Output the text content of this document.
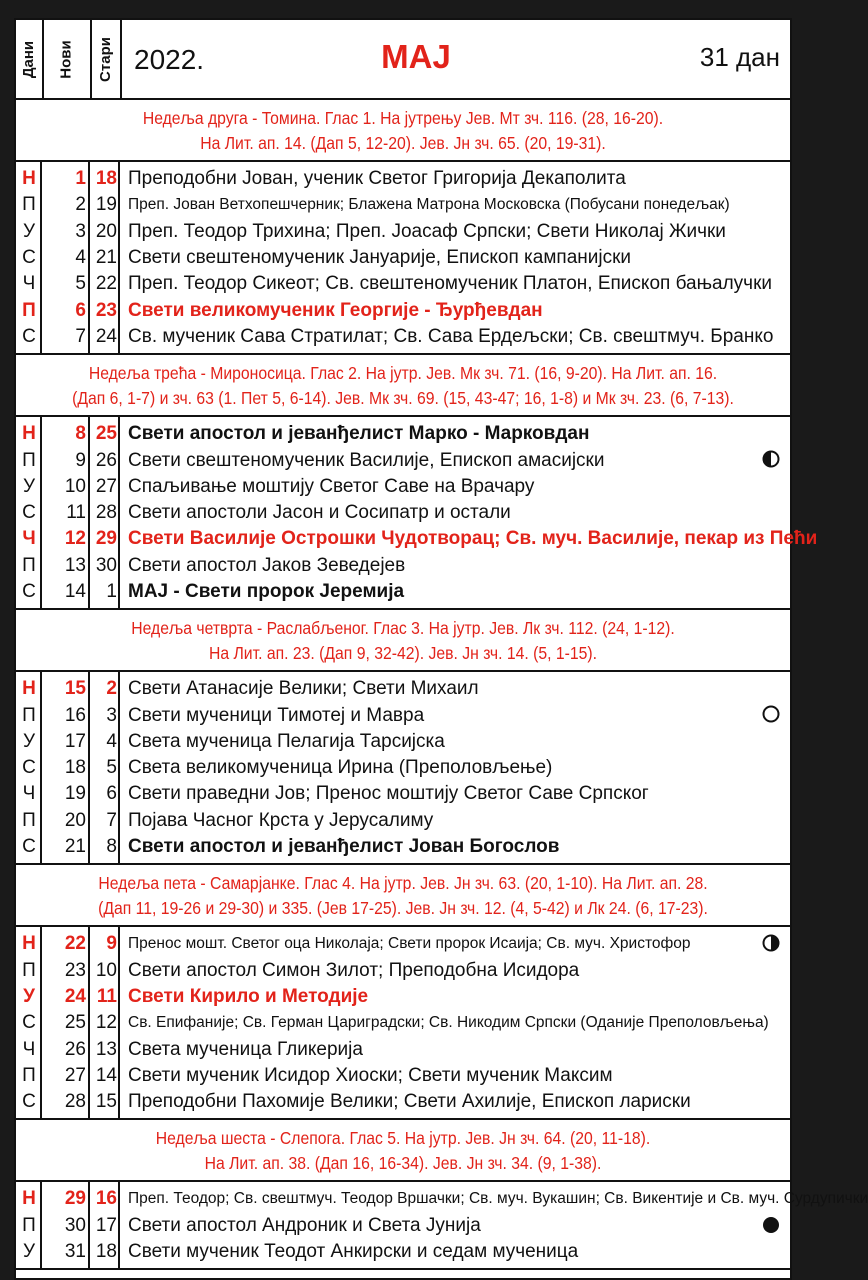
Дани Нови Стари 2022.	МАЈ	31 дан
Недеља друга - Томина. Глас 1. На јутрењу Јев. Мт зч. 116. (28, 16-20).
На Лит. ап. 14. (Дап 5, 12-20). Јев. Јн зч. 65. (20, 19-31).
Н	1 18 Преподобни Јован, ученик Светог Григорија Декаполита
П	2 19 Преп. Јован Ветхопешчерник; Блажена Матрона Московска (Побусани понедељак)
У	3 20 Преп. Теодор Трихина; Преп. Јоасаф Српски; Свети Николај Жички
С	4 21 Свети свештеномученик Јануарије, Епископ кампанијски
Ч	5 22 Преп. Теодор Сикеот; Св. свештеномученик Платон, Епископ бањалучки
П	6 23 Свети великомученик Георгије - Ђурђевдан
С	7 24 Св. мученик Сава Стратилат; Св. Сава Ердељски; Св. свештмуч. Бранко
Недеља трећа - Мироносица. Глас 2. На јутр. Јев. Мк зч. 71. (16, 9-20). На Лит. ап. 16.
(Дап 6, 1-7) и зч. 63 (1. Пет 5, 6-14). Јев. Мк зч. 69. (15, 43-47; 16, 1-8) и Мк зч. 23. (6, 7-13).
Н	8 25 Свети апостол и јеванђелист Марко - Марковдан
П	9 26 Свети свештеномученик Василије, Епископ амасијски
У	10 27 Спаљивање моштију Светог Саве на Врачару
С	11 28 Свети апостоли Јасон и Сосипатр и остали
Ч	12 29 Свети Василије Острошки Чудотворац; Св. муч. Василије, пекар из Пећи
П	13 30 Свети апостол Јаков Зеведејев
С	14	1 МАЈ - Свети пророк Јеремија
Недеља четврта - Раслабљеног. Глас 3. На јутр. Јев. Лк зч. 112. (24, 1-12).
На Лит. ап. 23. (Дап 9, 32-42). Јев. Јн зч. 14. (5, 1-15).
Н	15	2 Свети Атанасије Велики; Свети Михаил
П	16	3 Свети мученици Тимотеј и Мавра
У	17	4 Света мученица Пелагија Тарсијска
С	18	5 Света великомученица Ирина (Преполовљење)
Ч	19	6 Свети праведни Јов; Пренос моштију Светог Саве Српског
П	20	7 Појава Часног Крста у Јерусалиму
С	21	8 Свети апостол и јеванђелист Јован Богослов
Недеља пета - Самарјанке. Глас 4. На јутр. Јев. Јн зч. 63. (20, 1-10). На Лит. ап. 28.
(Дап 11, 19-26 и 29-30) и 335. (Јев 17-25). Јев. Јн зч. 12. (4, 5-42) и Лк 24. (6, 17-23).
Н	22	9 Пренос мошт. Светог оца Николаја; Свети пророк Исаија; Св. муч. Христофор
П	23 10 Свети апостол Симон Зилот; Преподобна Исидора
У	24 11 Свети Кирило и Методије
С	25 12 Св. Епифаније; Св. Герман Цариградски; Св. Никодим Српски (Оданије Преполовљења)
Ч	26 13 Света мученица Гликерија
П	27 14 Свети мученик Исидор Хиоски; Свети мученик Максим
С	28 15 Преподобни Пахомије Велики; Свети Ахилије, Епископ лариски
Недеља шеста - Слепога. Глас 5. На јутр. Јев. Јн зч. 64. (20, 11-18).
На Лит. ап. 38. (Дап 16, 16-34). Јев. Јн зч. 34. (9, 1-38).
Н	29 16 Преп. Теодор; Св. свештмуч. Теодор Вршачки; Св. муч. Вукашин; Св. Викентије и Св. муч. Сурдупички
П	30 17 Свети апостол Андроник и Света Јунија
У	31 18 Свети мученик Теодот Анкирски и седам мученица
